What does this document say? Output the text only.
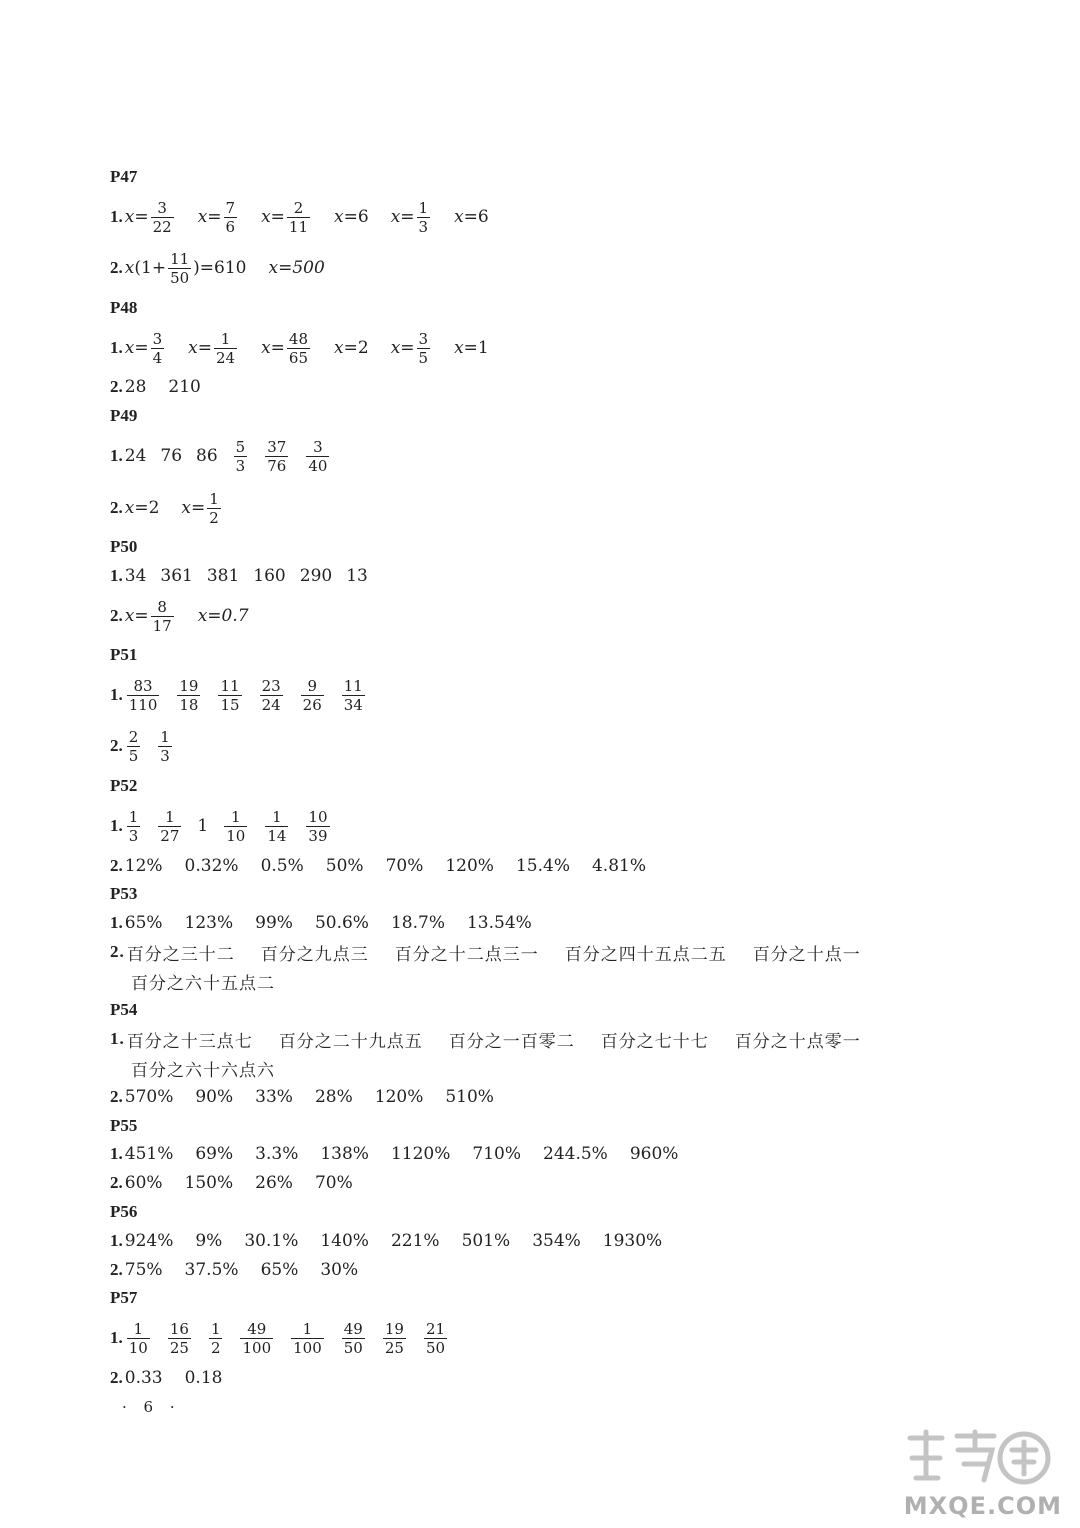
P47
1. $x = \frac{3}{22}$ $x = \frac{7}{6}$ $x = \frac{2}{11}$ x = 6 $x = \frac{1}{3}$ x = 6
2. x ( $1 + \frac{11}{50}$ ) =610 x=500
P48
1. $x = \frac{3}{4}$ $x = \frac{1}{24}$ $x = \frac{48}{65}$ x = 2 $x = \frac{3}{5}$ x = 1
2. 28 210
P49
1. 24 76 $86 \frac{5}{3} \frac{37}{76} \frac{3}{40}$
2. x = 2 $x = \frac{1}{2}$
P50
1. 34 361 381 160 290 13
2. $x = \frac{8}{17} x=0.7$
P51
1. $\frac{83}{110} \frac{19}{18} \frac{11}{15} \frac{23}{24} \frac{9}{26} \frac{11}{34}$
2. $\frac{2}{5} \frac{1}{3}$
P52
1. $\frac{1}{3} \frac{1}{27} 1 \frac{1}{10} \frac{1}{14} \frac{10}{39}$
2. 12% 0.32% 0.5% 50% 70% 120% 15.4% 4.81%
P53
1. 65% 123% 99% 50.6% 18.7% 13.54%
2. 百分之三十二 百分之九点三 百分之十二点三一 百分之四十五点二五 百分之十点一
百分之六十五点二
P54
1. 百分之十三点七 百分之二十九点五 百分之一百零二 百分之七十七 百分之十点零一
百分之六十六点六
2. 570% 90% 33% 28% 120% 510%
P55
1. 451% 69% 3.3% 138% 1120% 710% 244.5% 960%
2. 60% 150% 26% 70%
P56
1. 924% 9% 30.1% 140% 221% 501% 354% 1930%
2. 75% 37.5% 65% 30%
P57
1. $\frac{1}{10} \frac{16}{25} \frac{1}{2} \frac{49}{100} \frac{1}{100} \frac{49}{50} \frac{19}{25} \frac{21}{50}$
2. 0.33 0.18
· 6 ·
MXQE.COM
